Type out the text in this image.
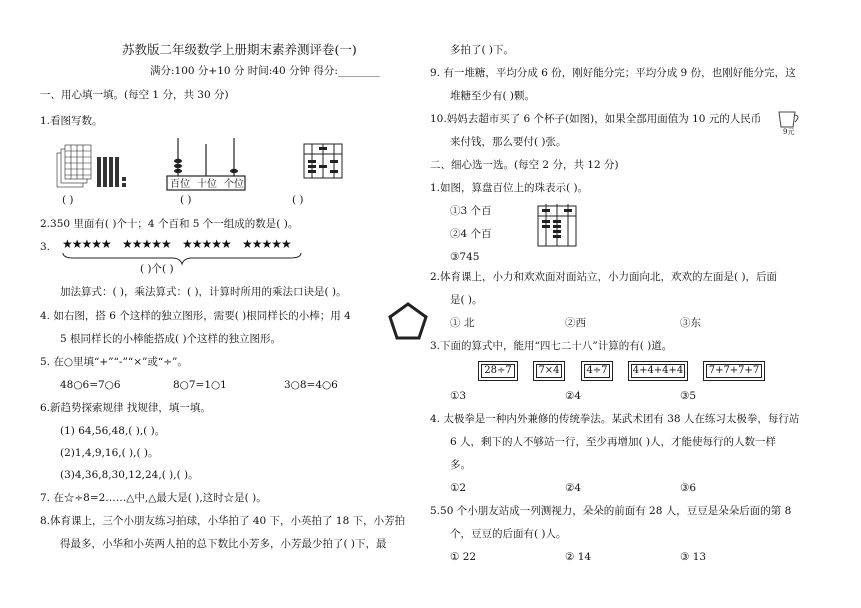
苏教版二年级数学上册期末素养测评卷(一)
满分:100 分+10 分 时间:40 分钟 得分:________
一、用心填一填。(每空 1 分，共 30 分)
1.看图写数。
百位 十位 个位
( )	( )	( )
2.350 里面有( )个十；4 个百和 5 个一组成的数是( )。
3. ★★★★★ ★★★★★ ★★★★★ ★★★★★
( )个( )
加法算式：( )，乘法算式：( )，计算时所用的乘法口诀是( )。
4. 如右图，搭 6 个这样的独立图形，需要( )根同样长的小棒；用 4
5 根同样长的小棒能搭成( )个这样的独立图形。
5. 在○里填“+”“-”“×”或“÷”。
48○6=7○6	8○7=1○1	3○8=4○6
6.新趋势探索规律 找规律，填一填。
(1) 64,56,48,( ),( )。
(2)1,4,9,16,( ),( )。
(3)4,36,8,30,12,24,( ),( )。
7. 在☆÷8=2……△中,△最大是( ),这时☆是( )。
8.体育课上，三个小朋友练习拍球，小华拍了 40 下，小英拍了 18 下，小芳拍
得最多，小华和小英两人拍的总下数比小芳多，小芳最少拍了( )下，最
多拍了( )下。
9. 有一堆糖，平均分成 6 份，刚好能分完；平均分成 9 份，也刚好能分完，这
堆糖至少有( )颗。
10.妈妈去超市买了 6 个杯子(如图)，如果全部用面值为 10 元的人民币
来付钱，那么要付( )张。
9元
二、细心选一选。(每空 2 分，共 12 分)
1.如图，算盘百位上的珠表示( )。
①3 个百
②4 个百
③745
2.体育课上，小力和欢欢面对面站立，小力面向北，欢欢的左面是( )，后面
是( )。
① 北	②西	③东
3.下面的算式中，能用“四七二十八”计算的有( )道。
28÷7	7×4	4÷7	4+4+4+4	7+7+7+7
①3	②4	③5
4. 太极拳是一种内外兼修的传统拳法。某武术团有 38 人在练习太极拳，每行站
6 人，剩下的人不够站一行，至少再增加( )人，才能使每行的人数一样
多。
①2	②4	③6
5.50 个小朋友站成一列测视力，朵朵的前面有 28 人，豆豆是朵朵后面的第 8
个，豆豆的后面有( )人。
① 22	② 14	③ 13
